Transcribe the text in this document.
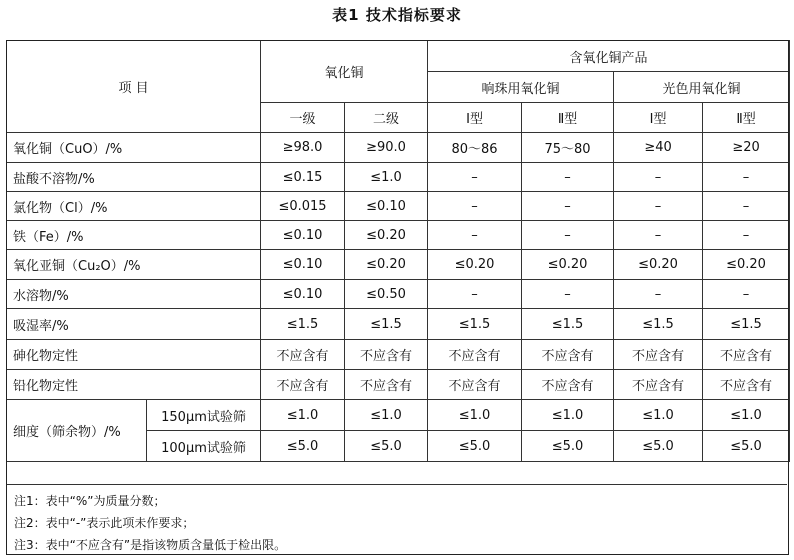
表1 技术指标要求
项 目		氧化铜		含氧化铜产品			
				响珠用氧化铜		光色用氧化铜	
		一级	二级	Ⅰ型	Ⅱ型	Ⅰ型	Ⅱ型
氧化铜（CuO）/%		≥98.0	≥90.0	80～86	75～80	≥40	≥20
盐酸不溶物/%		≤0.15	≤1.0	–	–	–	–
氯化物（Cl）/%		≤0.015	≤0.10	–	–	–	–
铁（Fe）/%		≤0.10	≤0.20	–	–	–	–
氧化亚铜（Cu₂O）/%		≤0.10	≤0.20	≤0.20	≤0.20	≤0.20	≤0.20
水溶物/%		≤0.10	≤0.50	–	–	–	–
吸湿率/%		≤1.5	≤1.5	≤1.5	≤1.5	≤1.5	≤1.5
砷化物定性		不应含有	不应含有	不应含有	不应含有	不应含有	不应含有
铅化物定性		不应含有	不应含有	不应含有	不应含有	不应含有	不应含有
细度（筛余物）/%	150μm试验筛	≤1.0	≤1.0	≤1.0	≤1.0	≤1.0	≤1.0
	100μm试验筛	≤5.0	≤5.0	≤5.0	≤5.0	≤5.0	≤5.0
注1：表中“%”为质量分数；
注2：表中“-”表示此项未作要求；
注3：表中“不应含有”是指该物质含量低于检出限。
